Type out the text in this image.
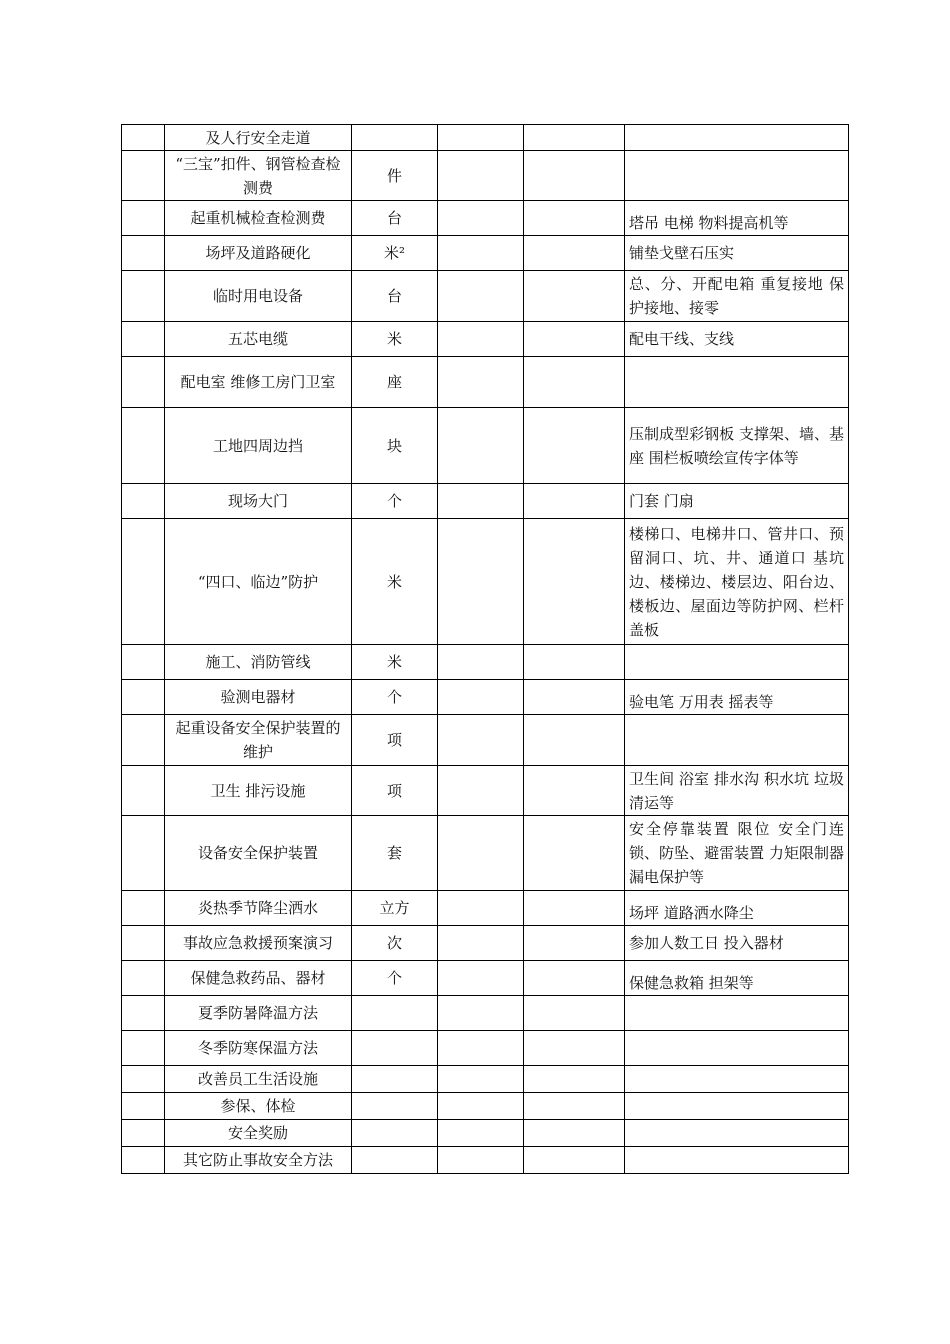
	及人行安全走道				
	“三宝”扣件、钢管检查检测费	件			
	起重机械检查检测费	台			塔吊 电梯 物料提高机等
	场坪及道路硬化	米²			铺垫戈壁石压实
	临时用电设备	台			总、分、开配电箱 重复接地 保护接地、接零
	五芯电缆	米			配电干线、支线
	配电室 维修工房门卫室	座			
	工地四周边挡	块			压制成型彩钢板 支撑架、墙、基座 围栏板喷绘宣传字体等
	现场大门	个			门套 门扇
	“四口、临边”防护	米			楼梯口、电梯井口、管井口、预留洞口、坑、井、通道口 基坑边、楼梯边、楼层边、阳台边、楼板边、屋面边等防护网、栏杆 盖板
	施工、消防管线	米			
	验测电器材	个			验电笔 万用表 摇表等
	起重设备安全保护装置的维护	项			
	卫生 排污设施	项			卫生间 浴室 排水沟 积水坑 垃圾清运等
	设备安全保护装置	套			安全停靠装置 限位 安全门连锁、防坠、避雷装置 力矩限制器 漏电保护等
	炎热季节降尘洒水	立方			场坪 道路洒水降尘
	事故应急救援预案演习	次			参加人数工日 投入器材
	保健急救药品、器材	个			保健急救箱 担架等
	夏季防暑降温方法				
	冬季防寒保温方法				
	改善员工生活设施				
	参保、体检				
	安全奖励				
	其它防止事故安全方法				
